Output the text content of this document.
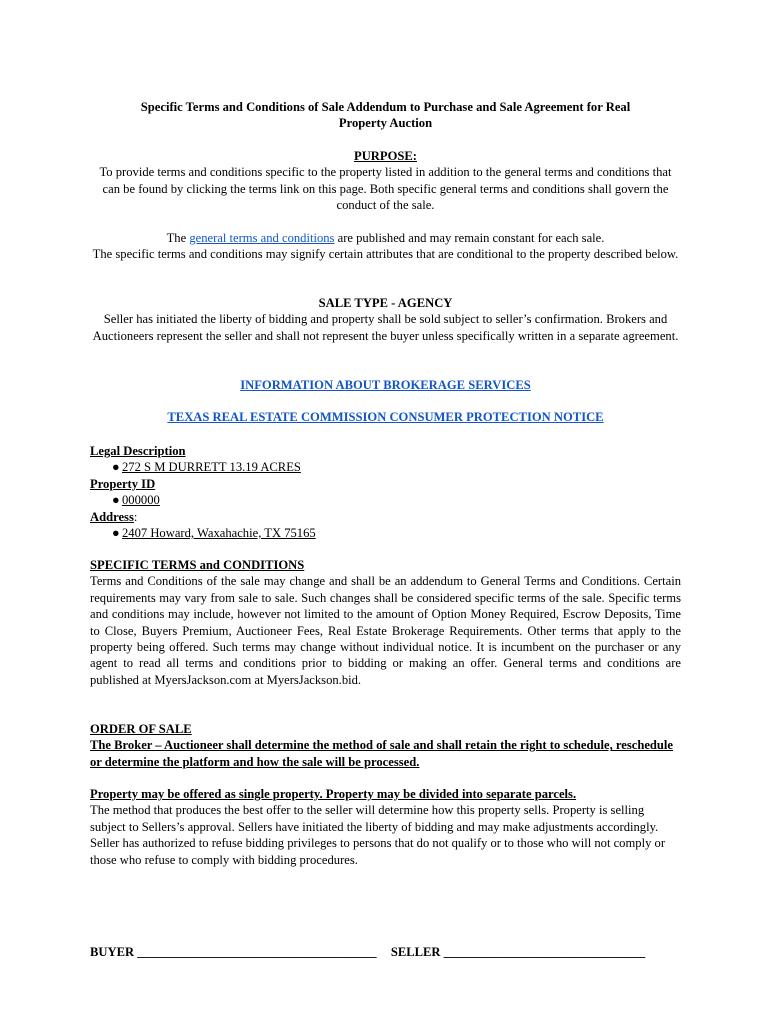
Specific Terms and Conditions of Sale Addendum to Purchase and Sale Agreement for Real
Property Auction
PURPOSE:

To provide terms and conditions specific to the property listed in addition to the general terms and conditions that can be found by clicking the terms link on this page. Both specific general terms and conditions shall govern the conduct of the sale.

The general terms and conditions are published and may remain constant for each sale.

The specific terms and conditions may signify certain attributes that are conditional to the property described below.

SALE TYPE - AGENCY

Seller has initiated the liberty of bidding and property shall be sold subject to seller’s confirmation. Brokers and Auctioneers represent the seller and shall not represent the buyer unless specifically written in a separate agreement.

INFORMATION ABOUT BROKERAGE SERVICES
TEXAS REAL ESTATE COMMISSION CONSUMER PROTECTION NOTICE
Legal Description
● 272 S M DURRETT 13.19 ACRES
Property ID
● 000000
Address:
● 2407 Howard, Waxahachie, TX 75165
SPECIFIC TERMS and CONDITIONS

Terms and Conditions of the sale may change and shall be an addendum to General Terms and Conditions. Certain requirements may vary from sale to sale. Such changes shall be considered specific terms of the sale. Specific terms and conditions may include, however not limited to the amount of Option Money Required, Escrow Deposits, Time to Close, Buyers Premium, Auctioneer Fees, Real Estate Brokerage Requirements. Other terms that apply to the property being offered. Such terms may change without individual notice. It is incumbent on the purchaser or any agent to read all terms and conditions prior to bidding or making an offer. General terms and conditions are published at MyersJackson.com at MyersJackson.bid.

ORDER OF SALE

The Broker – Auctioneer shall determine the method of sale and shall retain the right to schedule, reschedule or determine the platform and how the sale will be processed.

Property may be offered as single property. Property may be divided into separate parcels.

The method that produces the best offer to the seller will determine how this property sells. Property is selling subject to Sellers’s approval. Sellers have initiated the liberty of bidding and may make adjustments accordingly. Seller has authorized to refuse bidding privileges to persons that do not qualify or to those who will not comply or those who refuse to comply with bidding procedures.

BUYER ______________________________________ SELLER ________________________________
